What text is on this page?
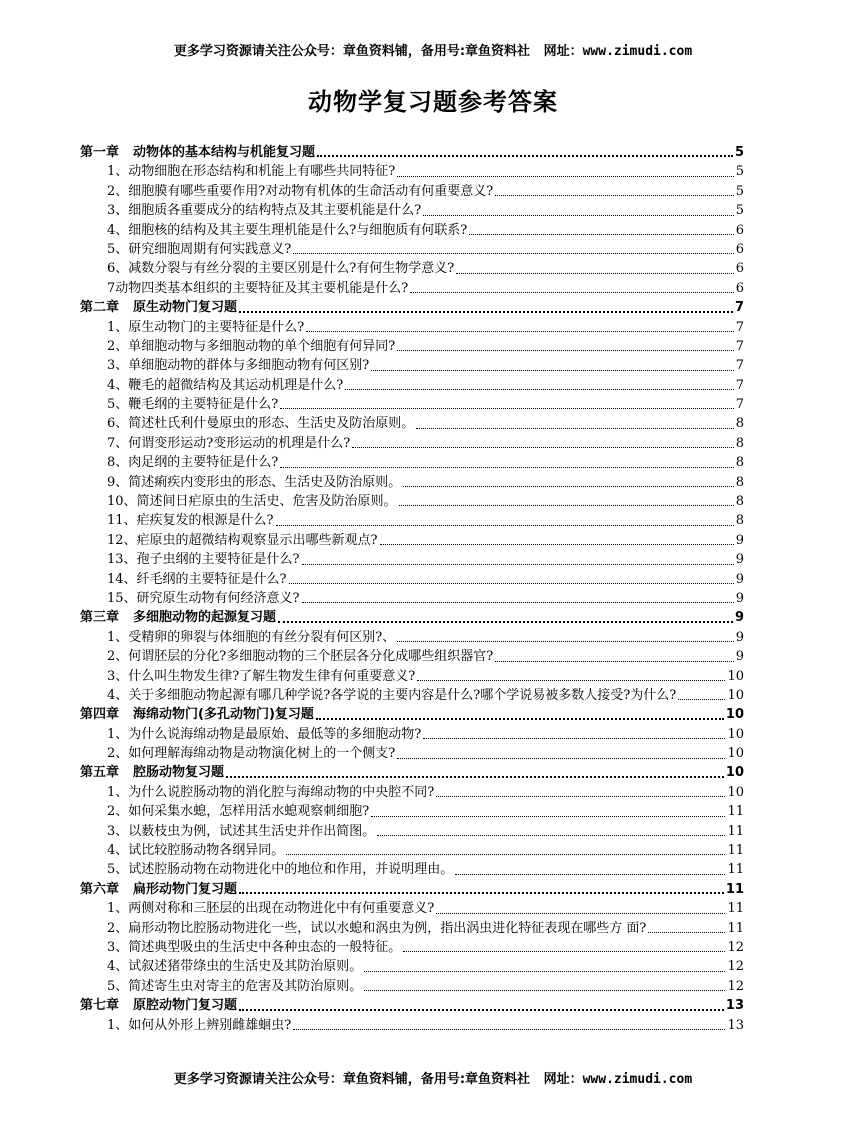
更多学习资源请关注公众号：章鱼资料铺，备用号:章鱼资料社   网址：www.zimudi.com
动物学复习题参考答案
第一章 动物体的基本结构与机能复习题	5
1、 动物细胞在形态结构和机能上有哪些共同特征?	5
2、 细胞膜有哪些重要作用?对动物有机体的生命活动有何重要意义?	5
3、 细胞质各重要成分的结构特点及其主要机能是什么?	5
4、 细胞核的结构及其主要生理机能是什么?与细胞质有何联系?	6
5、 研究细胞周期有何实践意义?	6
6、 减数分裂与有丝分裂的主要区别是什么?有何生物学意义?	6
7 动物四类基本组织的主要特征及其主要机能是什么?	6
第二章 原生动物门复习题	7
1、 原生动物门的主要特征是什么?	7
2、 单细胞动物与多细胞动物的单个细胞有何异同?	7
3、 单细胞动物的群体与多细胞动物有何区别?	7
4、 鞭毛的超微结构及其运动机理是什么?	7
5、 鞭毛纲的主要特征是什么?	7
6、 简述杜氏利什曼原虫的形态、生活史及防治原则。	8
7、 何谓变形运动?变形运动的机理是什么?	8
8、 肉足纲的主要特征是什么?	8
9、 简述痢疾内变形虫的形态、生活史及防治原则。	8
10、 简述间日疟原虫的生活史、危害及防治原则。	8
11、 疟疾复发的根源是什么?	8
12、 疟原虫的超微结构观察显示出哪些新观点?	9
13、 孢子虫纲的主要特征是什么?	9
14、 纤毛纲的主要特征是什么?	9
15、 研究原生动物有何经济意义?	9
第三章 多细胞动物的起源复习题	9
1、 受精卵的卵裂与体细胞的有丝分裂有何区别?、	9
2、 何谓胚层的分化?多细胞动物的三个胚层各分化成哪些组织器官?	9
3、 什么叫生物发生律?了解生物发生律有何重要意义?	10
4、 关于多细胞动物起源有哪几种学说?各学说的主要内容是什么?哪个学说易被多数人接受?为什么?	10
第四章 海绵动物门(多孔动物门)复习题	10
1、 为什么说海绵动物是最原始、最低等的多细胞动物?	10
2、 如何理解海绵动物是动物演化树上的一个侧支?	10
第五章 腔肠动物复习题	10
1、 为什么说腔肠动物的消化腔与海绵动物的中央腔不同?	10
2、 如何采集水螅，怎样用活水螅观察刺细胞?	11
3、 以薮枝虫为例，试述其生活史并作出简图。	11
4、 试比较腔肠动物各纲异同。	11
5、 试述腔肠动物在动物进化中的地位和作用，并说明理由。	11
第六章 扁形动物门复习题	11
1、 两侧对称和三胚层的出现在动物进化中有何重要意义?	11
2、 扁形动物比腔肠动物进化一些，试以水螅和涡虫为例，指出涡虫进化特征表现在哪些方 面?	11
3、 简述典型吸虫的生活史中各种虫态的一般特征。	12
4、 试叙述猪带绦虫的生活史及其防治原则。	12
5、 简述寄生虫对寄主的危害及其防治原则。	12
第七章 原腔动物门复习题	13
1、 如何从外形上辨别雌雄蛔虫?	13
更多学习资源请关注公众号：章鱼资料铺，备用号:章鱼资料社   网址：www.zimudi.com
